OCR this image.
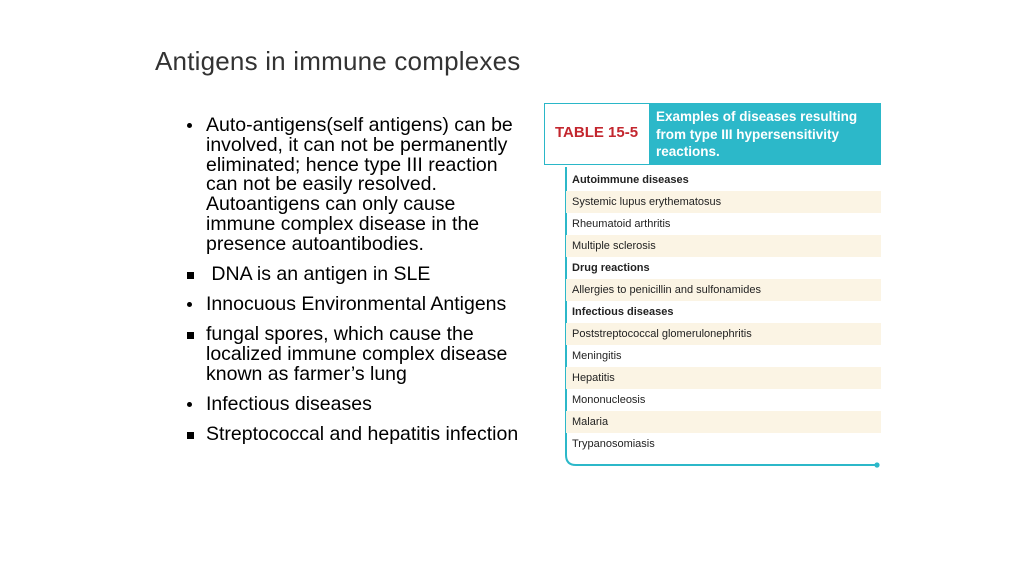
Antigens in immune complexes
Auto-antigens(self antigens) can be involved, it can not be permanently eliminated; hence type III reaction can not be easily resolved. Autoantigens can only cause immune complex disease in the presence autoantibodies.
DNA is an antigen in SLE
Innocuous Environmental Antigens
fungal spores, which cause the localized immune complex disease known as farmer’s lung
Infectious diseases
Streptococcal and hepatitis infection
TABLE 15-5
Examples of diseases resulting from type III hypersensitivity reactions.
Autoimmune diseases
Systemic lupus erythematosus
Rheumatoid arthritis
Multiple sclerosis
Drug reactions
Allergies to penicillin and sulfonamides
Infectious diseases
Poststreptococcal glomerulonephritis
Meningitis
Hepatitis
Mononucleosis
Malaria
Trypanosomiasis
